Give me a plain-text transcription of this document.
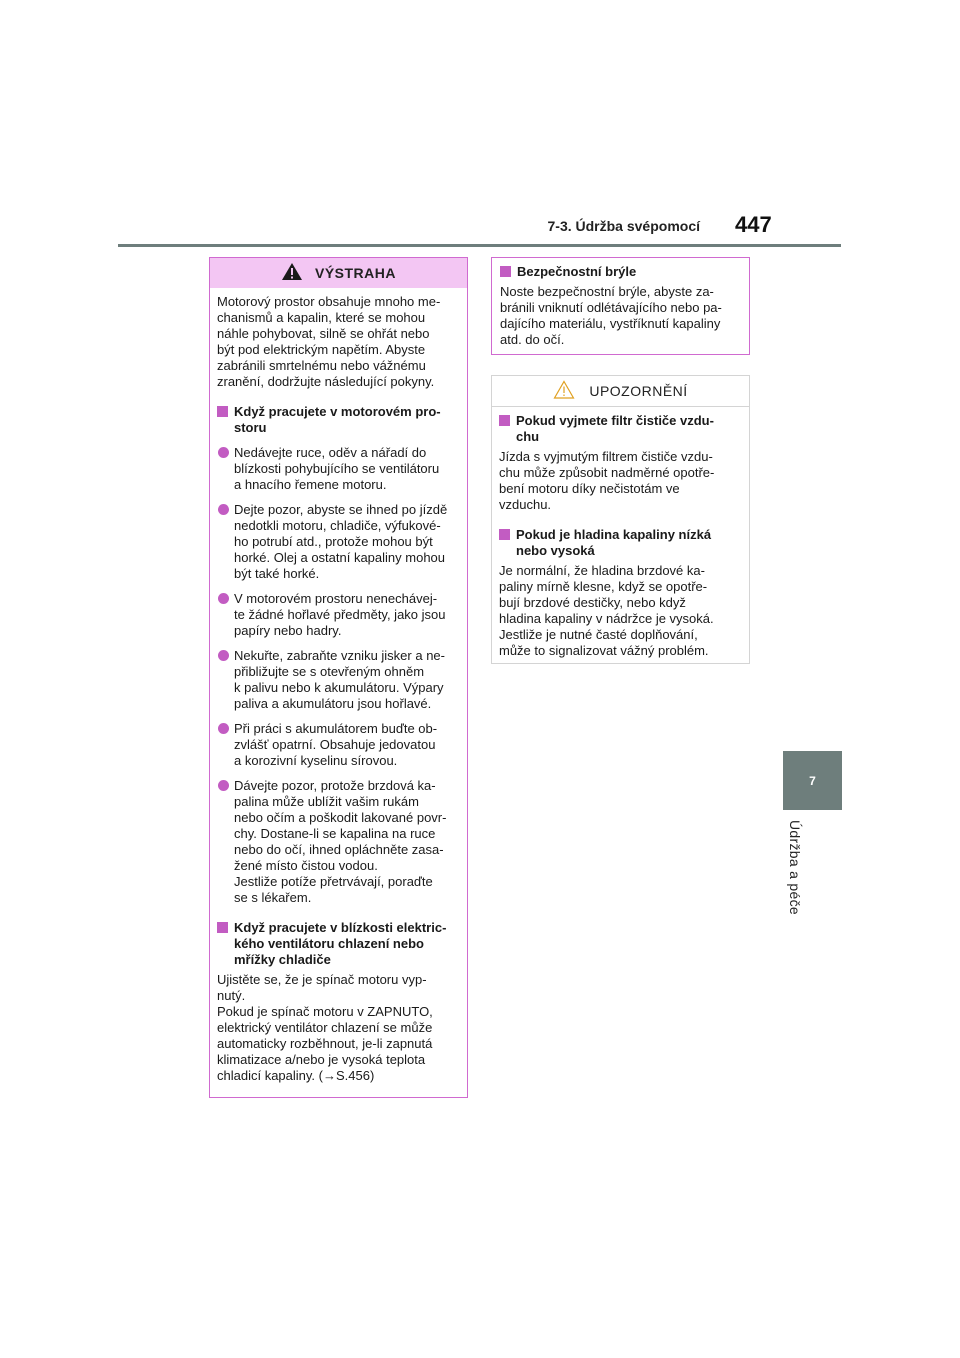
7-3. Údržba svépomocí 447
7
Údržba a péče
VÝSTRAHA
Motorový prostor obsahuje mnoho me-
chanismů a kapalin, které se mohou
náhle pohybovat, silně se ohřát nebo
být pod elektrickým napětím. Abyste
zabránili smrtelnému nebo vážnému
zranění, dodržujte následující pokyny.
Když pracujete v motorovém pro-
storu
Nedávejte ruce, oděv a nářadí do
blízkosti pohybujícího se ventilátoru
a hnacího řemene motoru.
Dejte pozor, abyste se ihned po jízdě
nedotkli motoru, chladiče, výfukové-
ho potrubí atd., protože mohou být
horké. Olej a ostatní kapaliny mohou
být také horké.
V motorovém prostoru nenechávej-
te žádné hořlavé předměty, jako jsou
papíry nebo hadry.
Nekuřte, zabraňte vzniku jisker a ne-
přibližujte se s otevřeným ohněm
k palivu nebo k akumulátoru. Výpary
paliva a akumulátoru jsou hořlavé.
Při práci s akumulátorem buďte ob-
zvlášť opatrní. Obsahuje jedovatou
a korozivní kyselinu sírovou.
Dávejte pozor, protože brzdová ka-
palina může ublížit vašim rukám
nebo očím a poškodit lakované povr-
chy. Dostane-li se kapalina na ruce
nebo do očí, ihned opláchněte zasa-
žené místo čistou vodou.
Jestliže potíže přetrvávají, poraďte
se s lékařem.
Když pracujete v blízkosti elektric-
kého ventilátoru chlazení nebo
mřížky chladiče
Ujistěte se, že je spínač motoru vyp-
nutý.
Pokud je spínač motoru v ZAPNUTO,
elektrický ventilátor chlazení se může
automaticky rozběhnout, je-li zapnutá
klimatizace a/nebo je vysoká teplota
chladicí kapaliny. (→S.456)
Bezpečnostní brýle
Noste bezpečnostní brýle, abyste za-
bránili vniknutí odlétávajícího nebo pa-
dajícího materiálu, vystříknutí kapaliny
atd. do očí.
UPOZORNĚNÍ
Pokud vyjmete filtr čističe vzdu-
chu
Jízda s vyjmutým filtrem čističe vzdu-
chu může způsobit nadměrné opotře-
bení motoru díky nečistotám ve
vzduchu.
Pokud je hladina kapaliny nízká
nebo vysoká
Je normální, že hladina brzdové ka-
paliny mírně klesne, když se opotře-
bují brzdové destičky, nebo když
hladina kapaliny v nádržce je vysoká.
Jestliže je nutné časté doplňování,
může to signalizovat vážný problém.
